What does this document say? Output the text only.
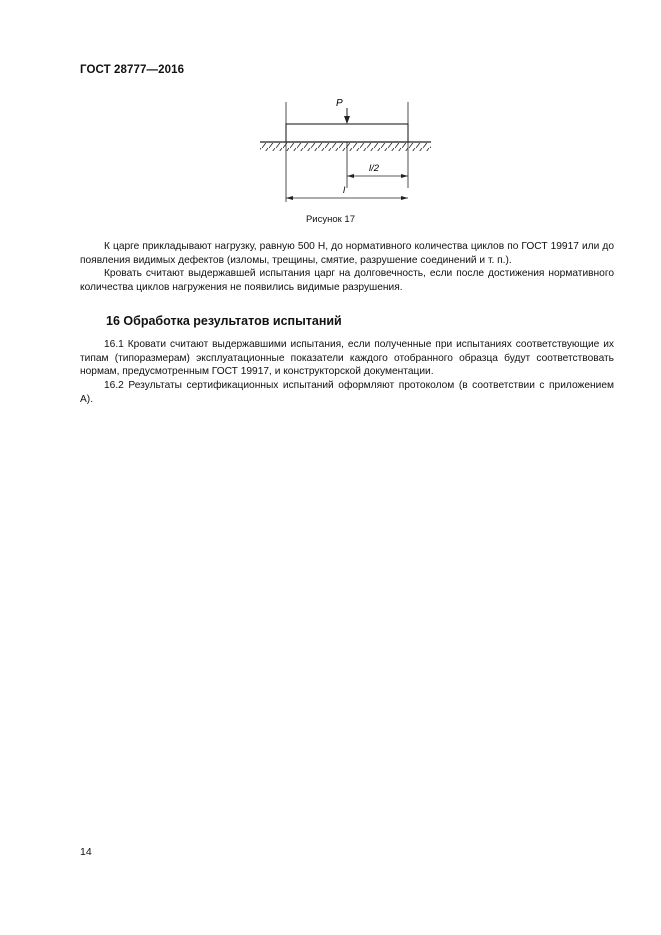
ГОСТ 28777—2016
P
l/2
l
Рисунок 17

К царге прикладывают нагрузку, равную 500 Н, до нормативного количества циклов по ГОСТ 19917 или до появления видимых дефектов (изломы, трещины, смятие, разрушение соединений и т. п.).

Кровать считают выдержавшей испытания царг на долговечность, если после достижения нормативного количества циклов нагружения не появились видимые разрушения.

16 Обработка результатов испытаний

16.1 Кровати считают выдержавшими испытания, если полученные при испытаниях соответствующие их типам (типоразмерам) эксплуатационные показатели каждого отобранного образца будут соответствовать нормам, предусмотренным ГОСТ 19917, и конструкторской документации.

16.2 Результаты сертификационных испытаний оформляют протоколом (в соответствии с приложением А).

14
